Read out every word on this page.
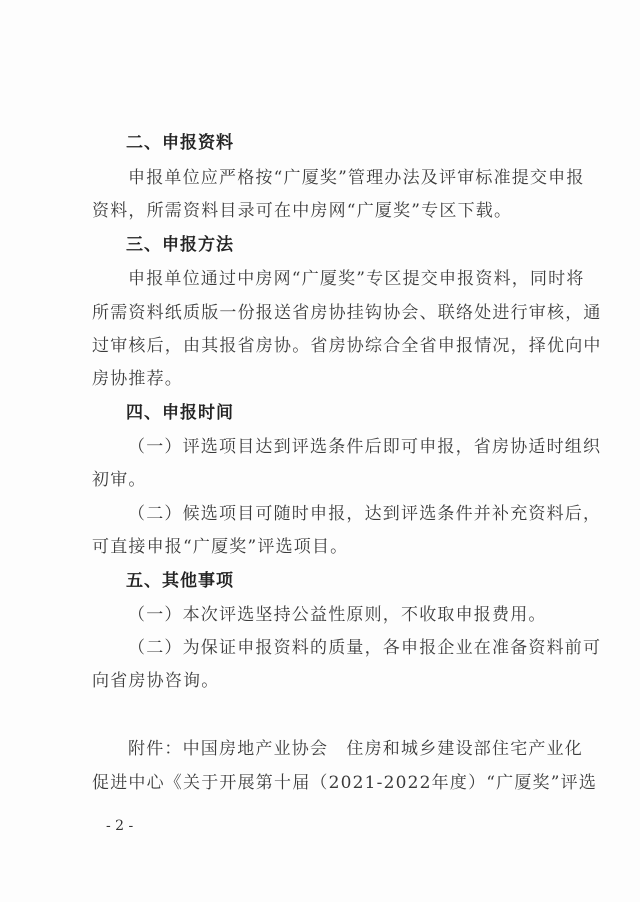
二、申报资料
申报单位应严格按“广厦奖”管理办法及评审标准提交申报
资料，所需资料目录可在中房网“广厦奖”专区下载。
三、申报方法
申报单位通过中房网“广厦奖”专区提交申报资料，同时将
所需资料纸质版一份报送省房协挂钩协会、联络处进行审核，通
过审核后，由其报省房协。省房协综合全省申报情况，择优向中
房协推荐。
四、申报时间
（一）评选项目达到评选条件后即可申报，省房协适时组织
初审。
（二）候选项目可随时申报，达到评选条件并补充资料后，
可直接申报“广厦奖”评选项目。
五、其他事项
（一）本次评选坚持公益性原则，不收取申报费用。
（二）为保证申报资料的质量，各申报企业在准备资料前可
向省房协咨询。
附件：中国房地产业协会　住房和城乡建设部住宅产业化
促进中心《关于开展第十届（2021-2022年度）“广厦奖”评选
- 2 -
